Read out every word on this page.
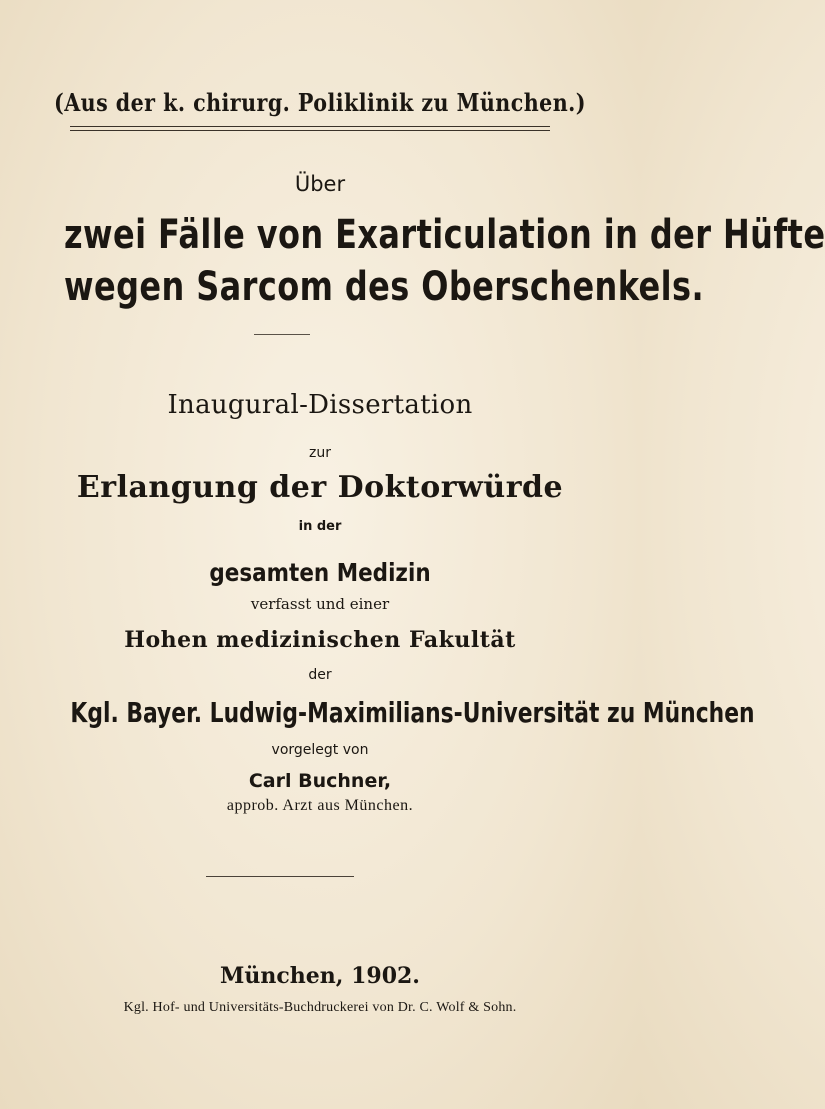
(Aus der k. chirurg. Poliklinik zu München.)
Über
zwei Fälle von Exarticulation in der Hüfte
wegen Sarcom des Oberschenkels.
Inaugural-Dissertation
zur
Erlangung der Doktorwürde
in der
gesamten Medizin
verfasst und einer
Hohen medizinischen Fakultät
der
Kgl. Bayer. Ludwig-Maximilians-Universität zu München
vorgelegt von
Carl Buchner,
approb. Arzt aus München.
München, 1902.
Kgl. Hof- und Universitäts-Buchdruckerei von Dr. C. Wolf & Sohn.
